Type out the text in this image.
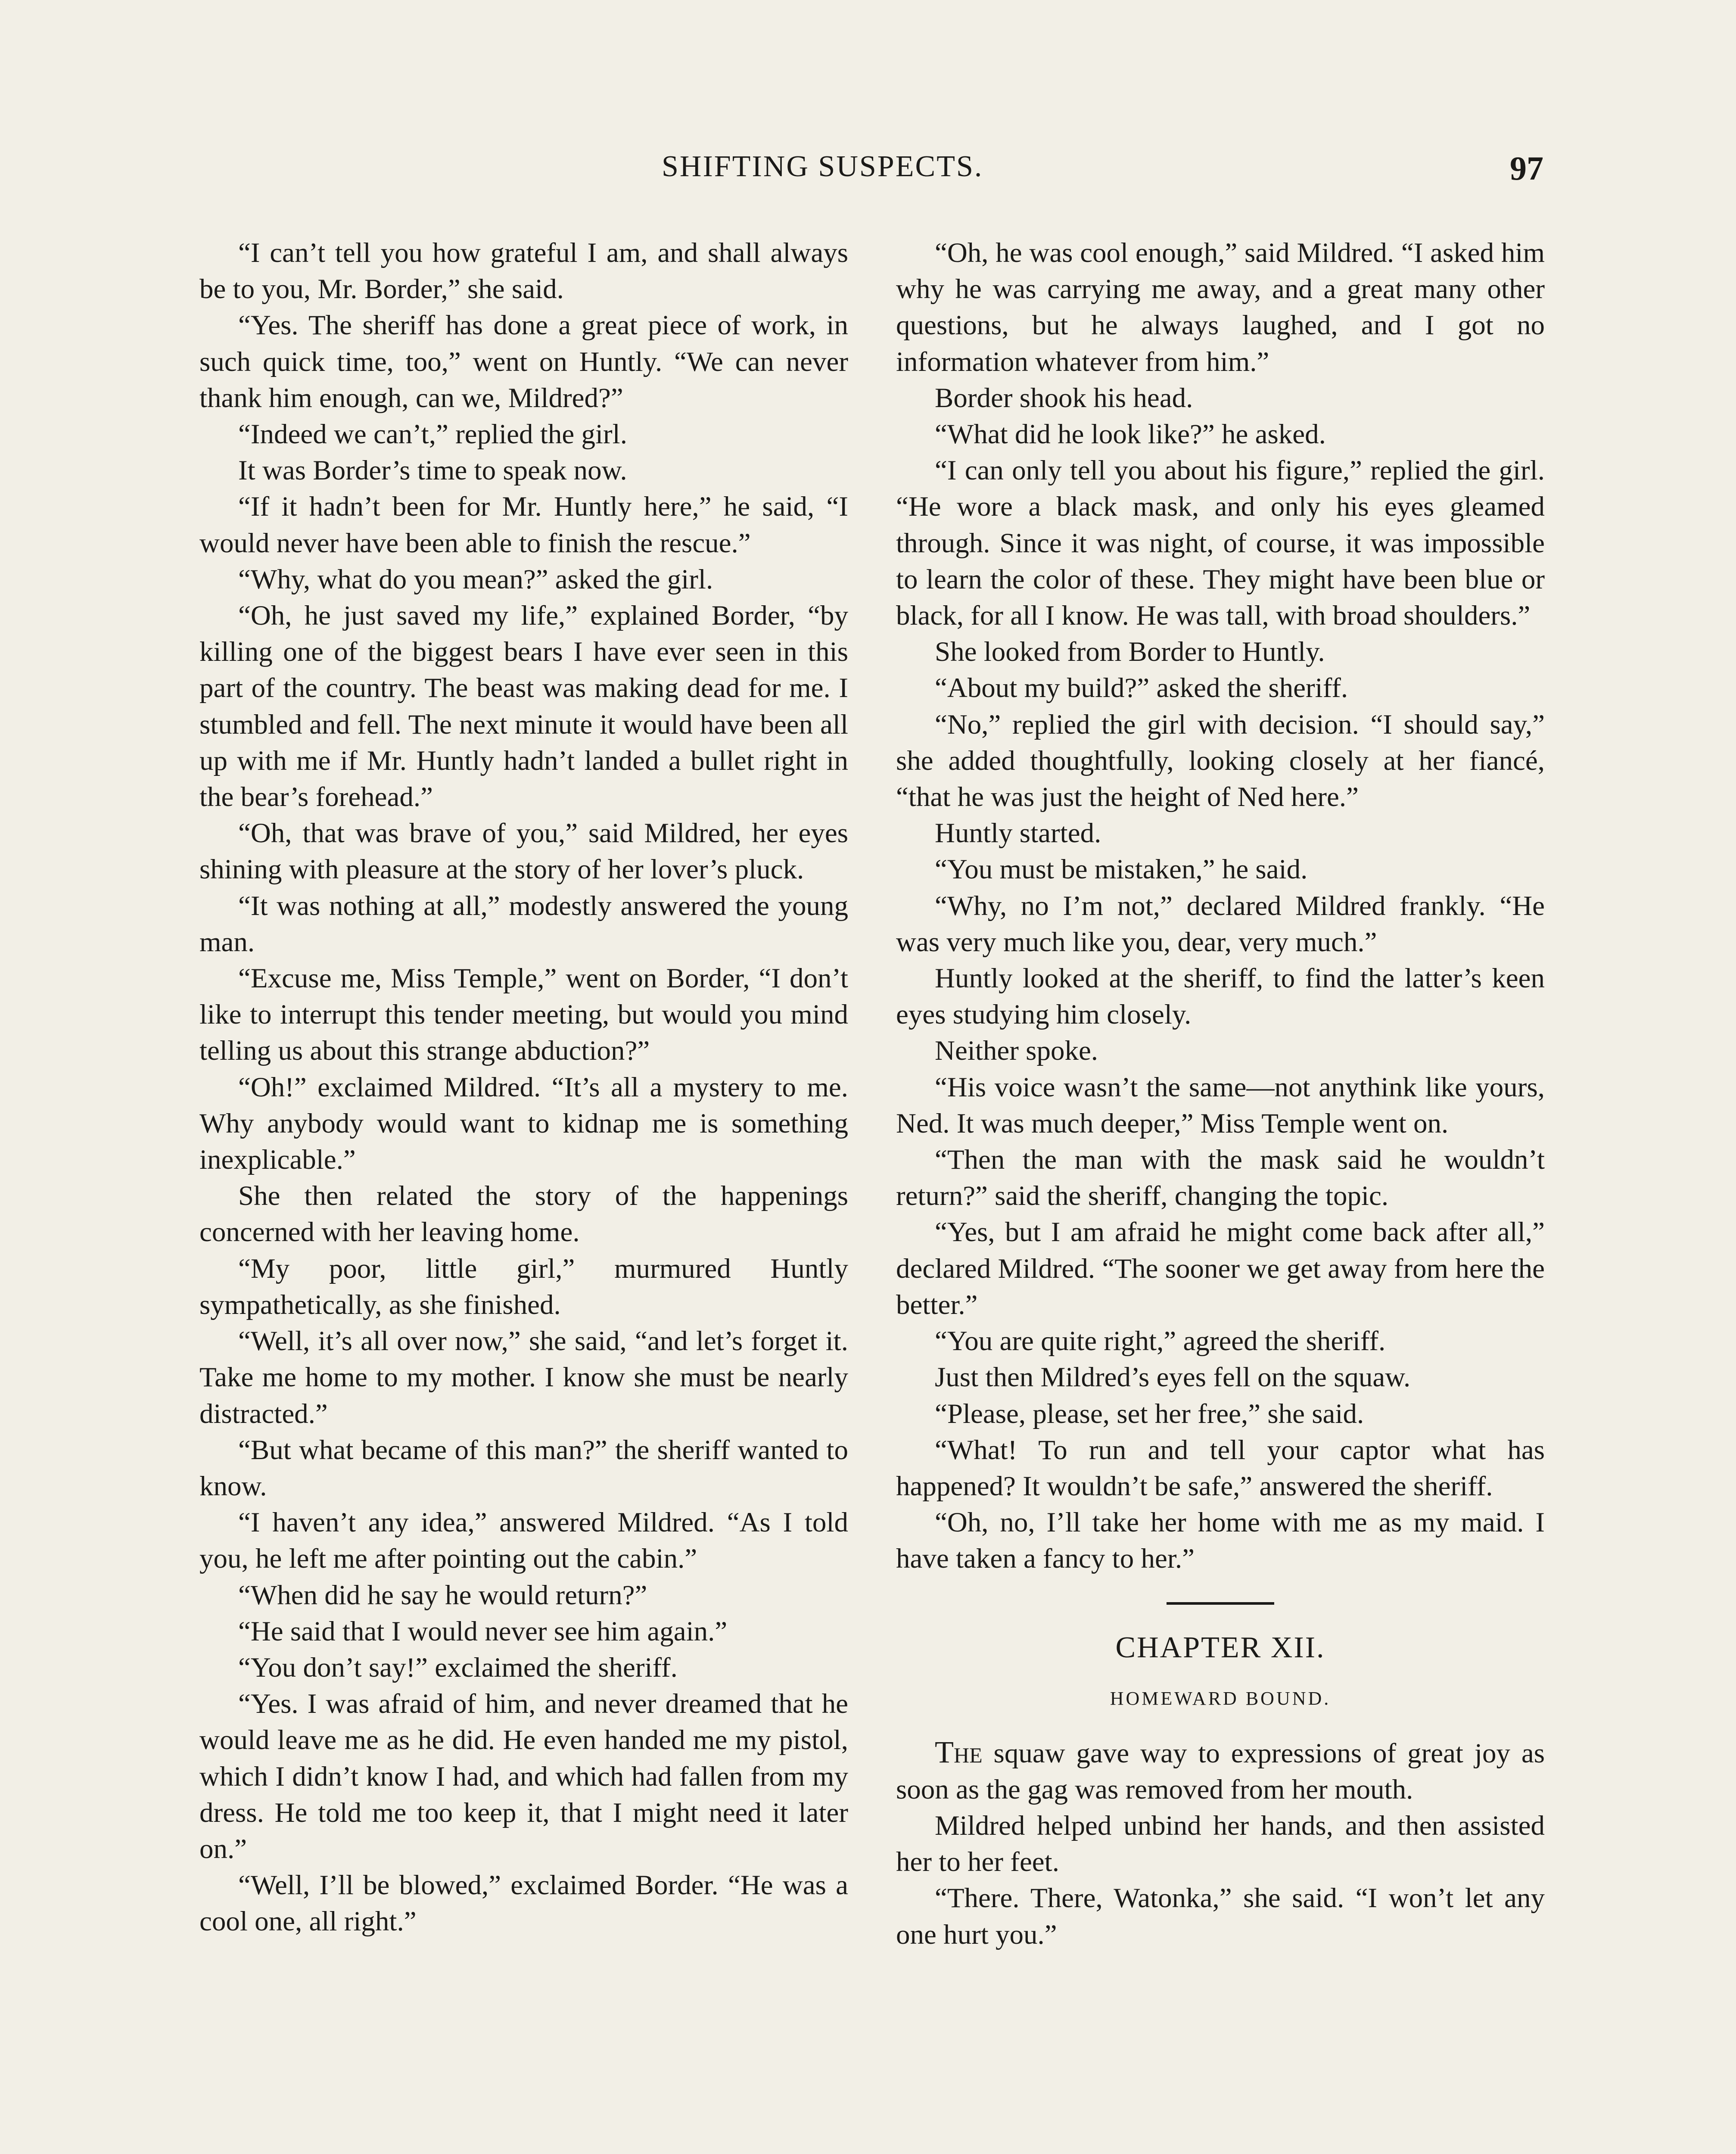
SHIFTING SUSPECTS.	97

“I can’t tell you how grateful I am, and shall always be to you, Mr. Border,” she said.

“Yes. The sheriff has done a great piece of work, in such quick time, too,” went on Huntly. “We can never thank him enough, can we, Mildred?”

“Indeed we can’t,” replied the girl.

It was Border’s time to speak now.

“If it hadn’t been for Mr. Huntly here,” he said, “I would never have been able to finish the rescue.”

“Why, what do you mean?” asked the girl.

“Oh, he just saved my life,” explained Border, “by killing one of the biggest bears I have ever seen in this part of the country. The beast was making dead for me. I stumbled and fell. The next minute it would have been all up with me if Mr. Huntly hadn’t landed a bullet right in the bear’s forehead.”

“Oh, that was brave of you,” said Mildred, her eyes shining with pleasure at the story of her lover’s pluck.

“It was nothing at all,” modestly answered the young man.

“Excuse me, Miss Temple,” went on Border, “I don’t like to interrupt this tender meeting, but would you mind telling us about this strange abduction?”

“Oh!” exclaimed Mildred. “It’s all a mystery to me. Why anybody would want to kidnap me is something inexplicable.”

She then related the story of the happenings concerned with her leaving home.

“My poor, little girl,” murmured Huntly sympathetically, as she finished.

“Well, it’s all over now,” she said, “and let’s forget it. Take me home to my mother. I know she must be nearly distracted.”

“But what became of this man?” the sheriff wanted to know.

“I haven’t any idea,” answered Mildred. “As I told you, he left me after pointing out the cabin.”

“When did he say he would return?”

“He said that I would never see him again.”

“You don’t say!” exclaimed the sheriff.

“Yes. I was afraid of him, and never dreamed that he would leave me as he did. He even handed me my pistol, which I didn’t know I had, and which had fallen from my dress. He told me too keep it, that I might need it later on.”

“Well, I’ll be blowed,” exclaimed Border. “He was a cool one, all right.”

“Oh, he was cool enough,” said Mildred. “I asked him why he was carrying me away, and a great many other questions, but he always laughed, and I got no information whatever from him.”

Border shook his head.

“What did he look like?” he asked.

“I can only tell you about his figure,” replied the girl. “He wore a black mask, and only his eyes gleamed through. Since it was night, of course, it was impossible to learn the color of these. They might have been blue or black, for all I know. He was tall, with broad shoulders.”

She looked from Border to Huntly.

“About my build?” asked the sheriff.

“No,” replied the girl with decision. “I should say,” she added thoughtfully, looking closely at her fiancé, “that he was just the height of Ned here.”

Huntly started.

“You must be mistaken,” he said.

“Why, no I’m not,” declared Mildred frankly. “He was very much like you, dear, very much.”

Huntly looked at the sheriff, to find the latter’s keen eyes studying him closely.

Neither spoke.

“His voice wasn’t the same—not anythink like yours, Ned. It was much deeper,” Miss Temple went on.

“Then the man with the mask said he wouldn’t return?” said the sheriff, changing the topic.

“Yes, but I am afraid he might come back after all,” declared Mildred. “The sooner we get away from here the better.”

“You are quite right,” agreed the sheriff.

Just then Mildred’s eyes fell on the squaw.

“Please, please, set her free,” she said.

“What! To run and tell your captor what has happened? It wouldn’t be safe,” answered the sheriff.

“Oh, no, I’ll take her home with me as my maid. I have taken a fancy to her.”

CHAPTER XII.
HOMEWARD BOUND.

The squaw gave way to expressions of great joy as soon as the gag was removed from her mouth.

Mildred helped unbind her hands, and then assisted her to her feet.

“There. There, Watonka,” she said. “I won’t let any one hurt you.”
